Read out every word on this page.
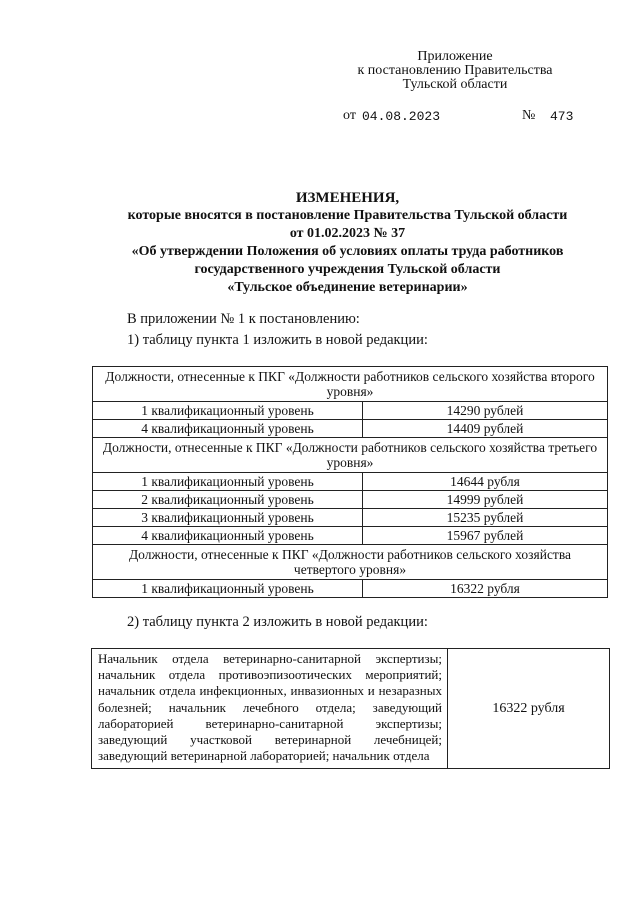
Приложение
к постановлению Правительства
Тульской области
от 04.08.2023	№ 473
ИЗМЕНЕНИЯ,
которые вносятся в постановление Правительства Тульской области
от 01.02.2023 № 37
«Об утверждении Положения об условиях оплаты труда работников
государственного учреждения Тульской области
«Тульское объединение ветеринарии»
В приложении № 1 к постановлению:
1) таблицу пункта 1 изложить в новой редакции:
Должности, отнесенные к ПКГ «Должности работников сельского хозяйства второго уровня»	
1 квалификационный уровень	14290 рублей
4 квалификационный уровень	14409 рублей
Должности, отнесенные к ПКГ «Должности работников сельского хозяйства третьего уровня»	
1 квалификационный уровень	14644 рубля
2 квалификационный уровень	14999 рублей
3 квалификационный уровень	15235 рублей
4 квалификационный уровень	15967 рублей
Должности, отнесенные к ПКГ «Должности работников сельского хозяйства четвертого уровня»	
1 квалификационный уровень	16322 рубля
2) таблицу пункта 2 изложить в новой редакции:
Начальник отдела ветеринарно-санитарной экспертизы; начальник отдела противоэпизоотических мероприятий; начальник отдела инфекционных, инвазионных и незаразных болезней; начальник лечебного отдела; заведующий лабораторией ветеринарно-санитарной экспертизы; заведующий участковой ветеринарной лечебницей; заведующий ветеринарной лабораторией; начальник отдела	16322 рубля
